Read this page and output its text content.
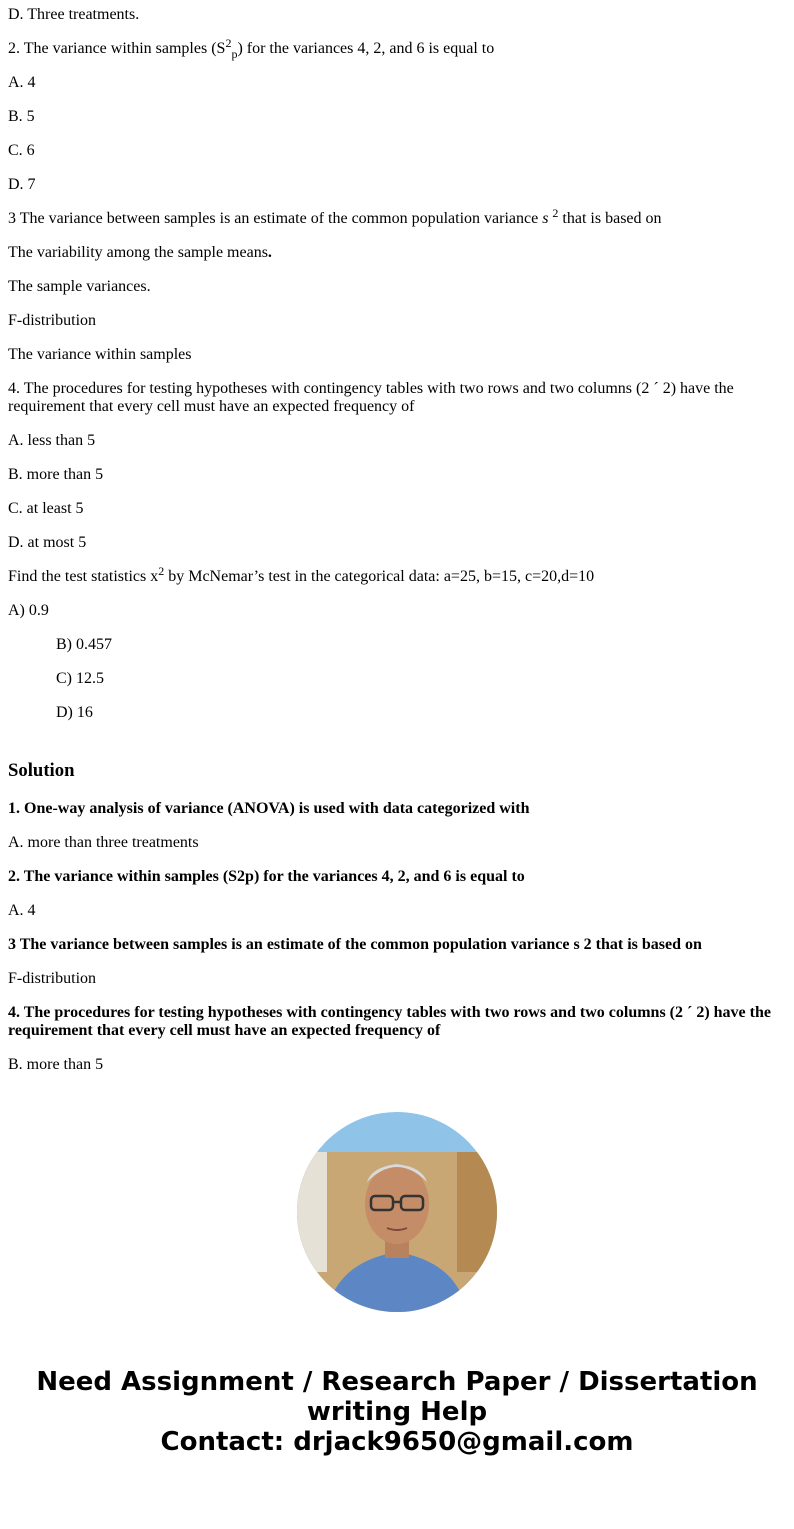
D. Three treatments.
2. The variance within samples $(S^2_p)$ for the variances 4, 2, and 6 is equal to
A. 4
B. 5
C. 6
D. 7
3 The variance between samples is an estimate of the common population variance s $^2$ that is based on
The variability among the sample means.
The sample variances.
F-distribution
The variance within samples
4. The procedures for testing hypotheses with contingency tables with two rows and two columns (2 ´ 2) have the requirement that every cell must have an expected frequency of
A. less than 5
B. more than 5
C. at least 5
D. at most 5
Find the test statistics $x^2$ by McNemar’s test in the categorical data: a=25, b=15, c=20,d=10
A) 0.9
B) 0.457
C) 12.5
D) 16
Solution
1. One-way analysis of variance (ANOVA) is used with data categorized with
A. more than three treatments
2. The variance within samples (S2p) for the variances 4, 2, and 6 is equal to
A. 4
3 The variance between samples is an estimate of the common population variance s 2 that is based on
F-distribution
4. The procedures for testing hypotheses with contingency tables with two rows and two columns (2 ´ 2) have the requirement that every cell must have an expected frequency of
B. more than 5
Need Assignment / Research Paper / Dissertation writing Help
Contact: drjack9650@gmail.com
